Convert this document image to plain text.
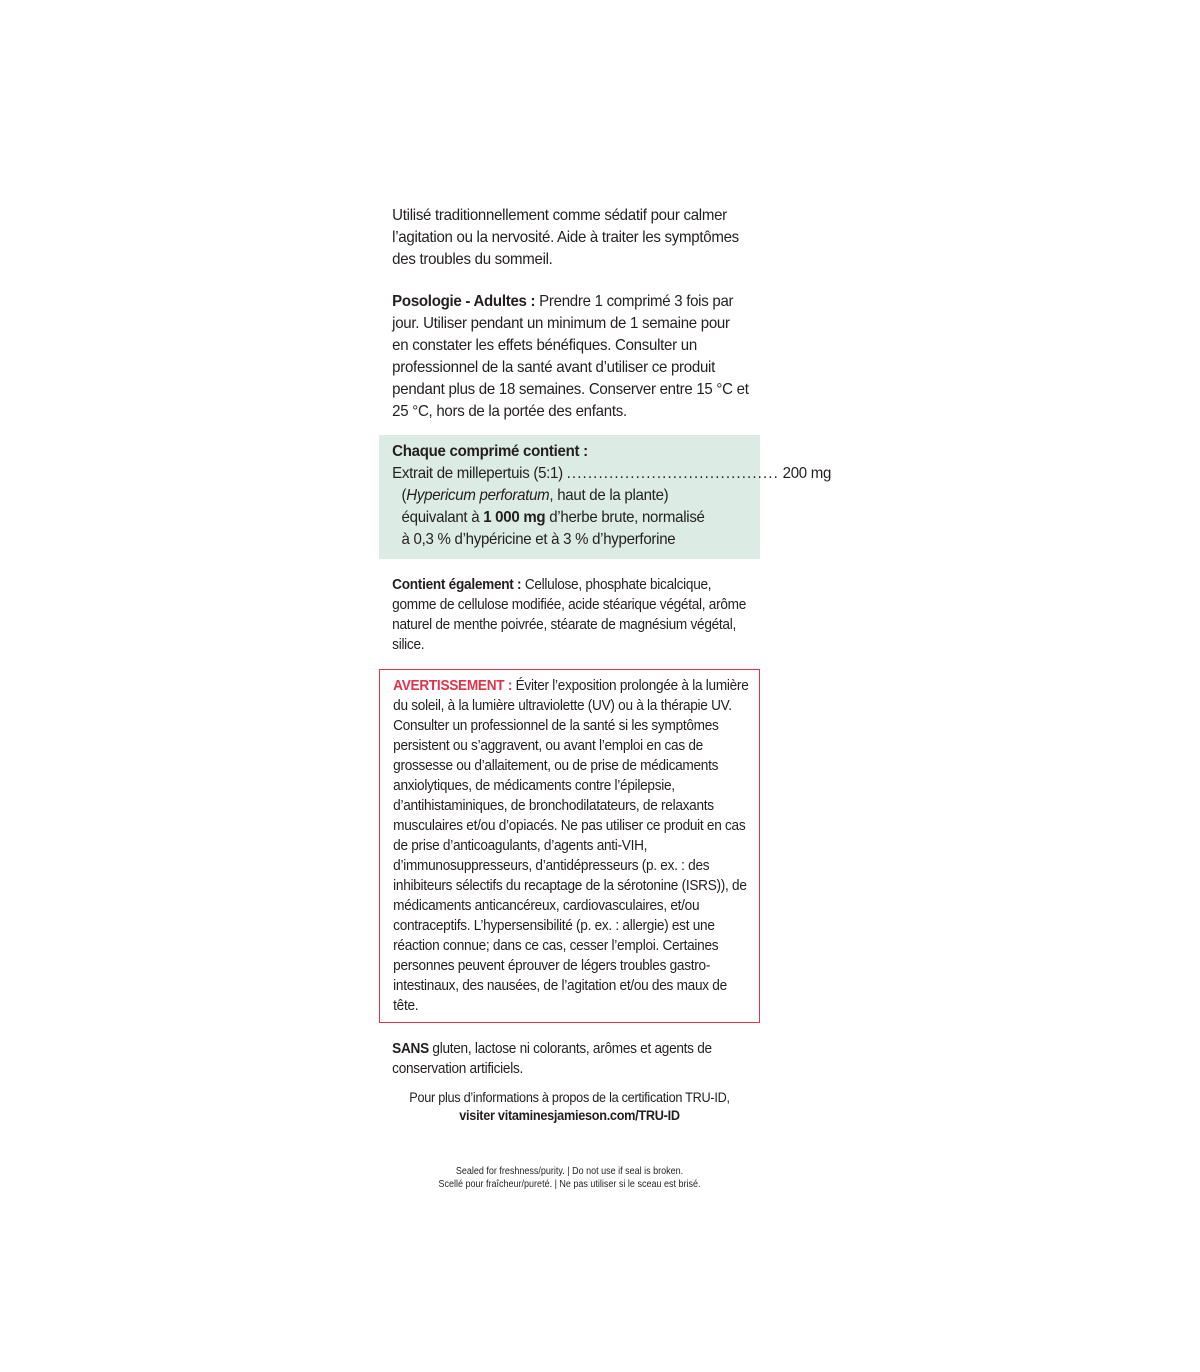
Utilisé traditionnellement comme sédatif pour calmer l’agitation ou la nervosité. Aide à traiter les symptômes des troubles du sommeil.
Posologie - Adultes : Prendre 1 comprimé 3 fois par jour. Utiliser pendant un minimum de 1 semaine pour en constater les effets bénéfiques. Consulter un professionnel de la santé avant d’utiliser ce produit pendant plus de 18 semaines. Conserver entre 15 °C et 25 °C, hors de la portée des enfants.
Chaque comprimé contient :
Extrait de millepertuis (5:1) ........................................ 200 mg
(Hypericum perforatum, haut de la plante)
équivalant à 1 000 mg d’herbe brute, normalisé
à 0,3 % d’hypéricine et à 3 % d’hyperforine
Contient également : Cellulose, phosphate bicalcique, gomme de cellulose modifiée, acide stéarique végétal, arôme naturel de menthe poivrée, stéarate de magnésium végétal, silice.
AVERTISSEMENT : Éviter l’exposition prolongée à la lumière du soleil, à la lumière ultraviolette (UV) ou à la thérapie UV. Consulter un professionnel de la santé si les symptômes persistent ou s’aggravent, ou avant l’emploi en cas de grossesse ou d’allaitement, ou de prise de médicaments anxiolytiques, de médicaments contre l’épilepsie, d’antihistaminiques, de bronchodilatateurs, de relaxants musculaires et/ou d’opiacés. Ne pas utiliser ce produit en cas de prise d’anticoagulants, d’agents anti-VIH, d’immunosuppresseurs, d’antidépresseurs (p. ex. : des inhibiteurs sélectifs du recaptage de la sérotonine (ISRS)), de médicaments anticancéreux, cardiovasculaires, et/ou contraceptifs. L’hypersensibilité (p. ex. : allergie) est une réaction connue; dans ce cas, cesser l’emploi. Certaines personnes peuvent éprouver de légers troubles gastro-intestinaux, des nausées, de l’agitation et/ou des maux de tête.
SANS gluten, lactose ni colorants, arômes et agents de conservation artificiels.
Pour plus d’informations à propos de la certification TRU-ID,
visiter vitaminesjamieson.com/TRU-ID
Sealed for freshness/purity. | Do not use if seal is broken.
Scellé pour fraîcheur/pureté. | Ne pas utiliser si le sceau est brisé.
